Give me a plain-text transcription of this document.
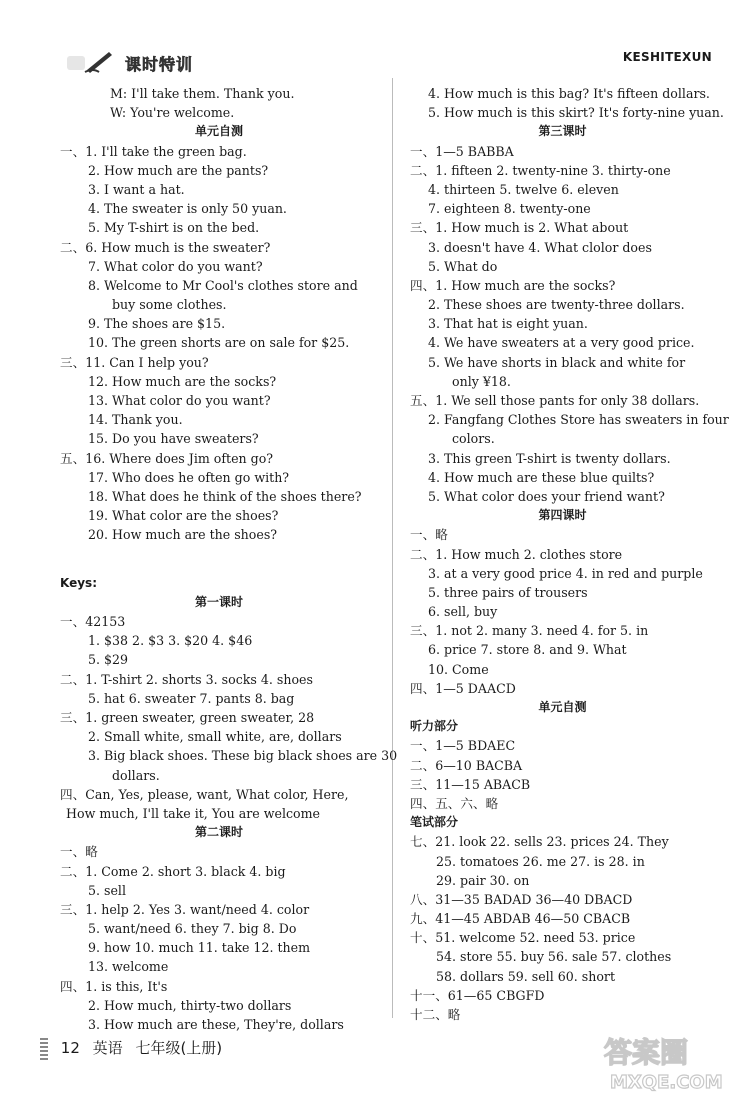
课时特训	KESHITEXUN
M: I'll take them. Thank you.
W: You're welcome.
单元自测
一、1. I'll take the green bag.
2. How much are the pants?
3. I want a hat.
4. The sweater is only 50 yuan.
5. My T-shirt is on the bed.
二、6. How much is the sweater?
7. What color do you want?
8. Welcome to Mr Cool's clothes store and
buy some clothes.
9. The shoes are $15.
10. The green shorts are on sale for $25.
三、11. Can I help you?
12. How much are the socks?
13. What color do you want?
14. Thank you.
15. Do you have sweaters?
五、16. Where does Jim often go?
17. Who does he often go with?
18. What does he think of the shoes there?
19. What color are the shoes?
20. How much are the shoes?
Keys:
第一课时
一、42153
1. $38 2. $3 3. $20 4. $46
5. $29
二、1. T-shirt 2. shorts 3. socks 4. shoes
5. hat 6. sweater 7. pants 8. bag
三、1. green sweater, green sweater, 28
2. Small white, small white, are, dollars
3. Big black shoes. These big black shoes are 30
dollars.
四、Can, Yes, please, want, What color, Here,
How much, I'll take it, You are welcome
第二课时
一、略
二、1. Come 2. short 3. black 4. big
5. sell
三、1. help 2. Yes 3. want/need 4. color
5. want/need 6. they 7. big 8. Do
9. how 10. much 11. take 12. them
13. welcome
四、1. is this, It's
2. How much, thirty-two dollars
3. How much are these, They're, dollars
4. How much is this bag? It's fifteen dollars.
5. How much is this skirt? It's forty-nine yuan.
第三课时
一、1—5 BABBA
二、1. fifteen 2. twenty-nine 3. thirty-one
4. thirteen 5. twelve 6. eleven
7. eighteen 8. twenty-one
三、1. How much is 2. What about
3. doesn't have 4. What clolor does
5. What do
四、1. How much are the socks?
2. These shoes are twenty-three dollars.
3. That hat is eight yuan.
4. We have sweaters at a very good price.
5. We have shorts in black and white for
only ¥18.
五、1. We sell those pants for only 38 dollars.
2. Fangfang Clothes Store has sweaters in four
colors.
3. This green T-shirt is twenty dollars.
4. How much are these blue quilts?
5. What color does your friend want?
第四课时
一、略
二、1. How much 2. clothes store
3. at a very good price 4. in red and purple
5. three pairs of trousers
6. sell, buy
三、1. not 2. many 3. need 4. for 5. in
6. price 7. store 8. and 9. What
10. Come
四、1—5 DAACD
单元自测
听力部分
一、1—5 BDAEC
二、6—10 BACBA
三、11—15 ABACB
四、五、六、略
笔试部分
七、21. look 22. sells 23. prices 24. They
25. tomatoes 26. me 27. is 28. in
29. pair 30. on
八、31—35 BADAD 36—40 DBACD
九、41—45 ABDAB 46—50 CBACB
十、51. welcome 52. need 53. price
54. store 55. buy 56. sale 57. clothes
58. dollars 59. sell 60. short
十一、61—65 CBGFD
十二、略
12 英语 七年级(上册)	答案圈
MXQE.COM
